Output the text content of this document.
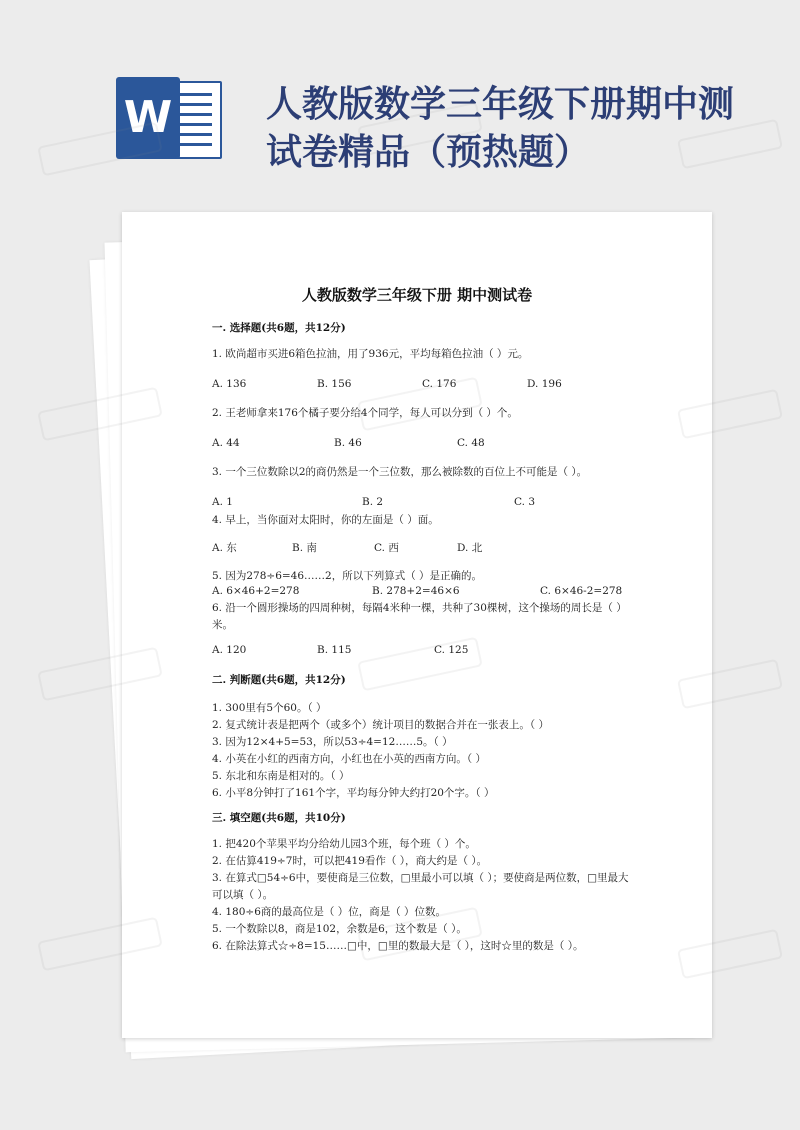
W	人教版数学三年级下册期中测
试卷精品（预热题）
人教版数学三年级下册 期中测试卷
一. 选择题(共6题，共12分)
1. 欧尚超市买进6箱色拉油，用了936元，平均每箱色拉油（ ）元。
A. 136	B. 156	C. 176	D. 196
2. 王老师拿来176个橘子要分给4个同学，每人可以分到（ ）个。
A. 44	B. 46	C. 48
3. 一个三位数除以2的商仍然是一个三位数，那么被除数的百位上不可能是（ ）。
A. 1	B. 2	C. 3
4. 早上，当你面对太阳时，你的左面是（ ）面。
A. 东	B. 南	C. 西	D. 北
5. 因为278÷6=46……2，所以下列算式（ ）是正确的。
A. 6×46+2=278	B. 278+2=46×6	C. 6×46-2=278
6. 沿一个圆形操场的四周种树，每隔4米种一棵，共种了30棵树，这个操场的周长是（ ）米。
A. 120	B. 115	C. 125
二. 判断题(共6题，共12分)
1. 300里有5个60。（ ）
2. 复式统计表是把两个（或多个）统计项目的数据合并在一张表上。（ ）
3. 因为12×4+5=53，所以53÷4=12……5。（ ）
4. 小英在小红的西南方向，小红也在小英的西南方向。（ ）
5. 东北和东南是相对的。（ ）
6. 小平8分钟打了161个字，平均每分钟大约打20个字。（ ）
三. 填空题(共6题，共10分)
1. 把420个苹果平均分给幼儿园3个班，每个班（ ）个。
2. 在估算419÷7时，可以把419看作（ ），商大约是（ ）。
3. 在算式□54÷6中，要使商是三位数，□里最小可以填（ ）；要使商是两位数，□里最大可以填（ ）。
4. 180÷6商的最高位是（ ）位，商是（ ）位数。
5. 一个数除以8，商是102，余数是6，这个数是（ ）。
6. 在除法算式☆÷8=15……□中，□里的数最大是（ ），这时☆里的数是（ ）。
